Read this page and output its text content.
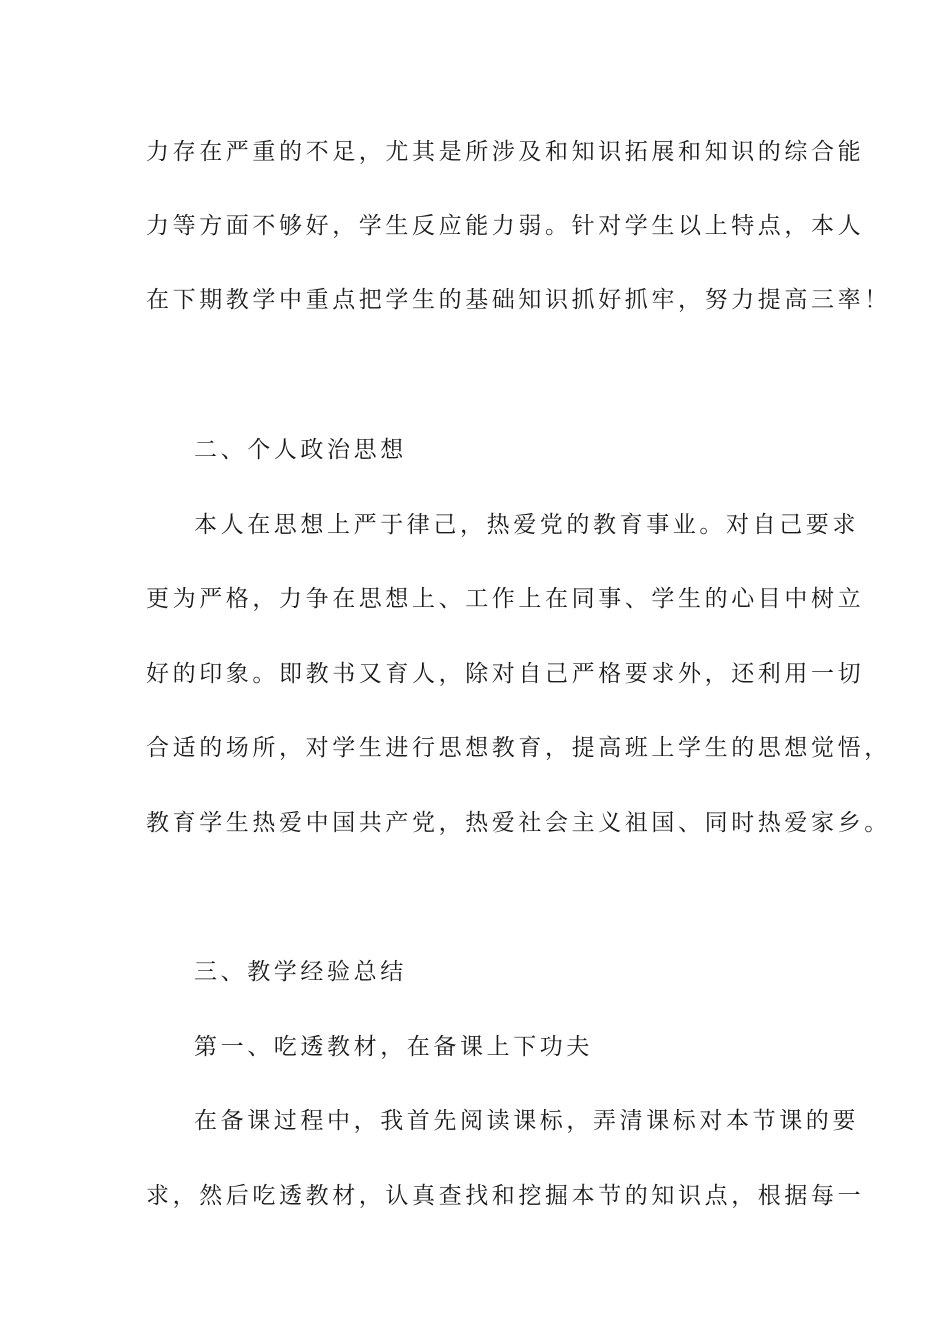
力存在严重的不足，尤其是所涉及和知识拓展和知识的综合能
力等方面不够好，学生反应能力弱。针对学生以上特点，本人
在下期教学中重点把学生的基础知识抓好抓牢，努力提高三率！
二、个人政治思想
本人在思想上严于律己，热爱党的教育事业。对自己要求
更为严格，力争在思想上、工作上在同事、学生的心目中树立
好的印象。即教书又育人，除对自己严格要求外，还利用一切
合适的场所，对学生进行思想教育，提高班上学生的思想觉悟，
教育学生热爱中国共产党，热爱社会主义祖国、同时热爱家乡。
三、教学经验总结
第一、吃透教材，在备课上下功夫
在备课过程中，我首先阅读课标，弄清课标对本节课的要
求，然后吃透教材，认真查找和挖掘本节的知识点，根据每一
